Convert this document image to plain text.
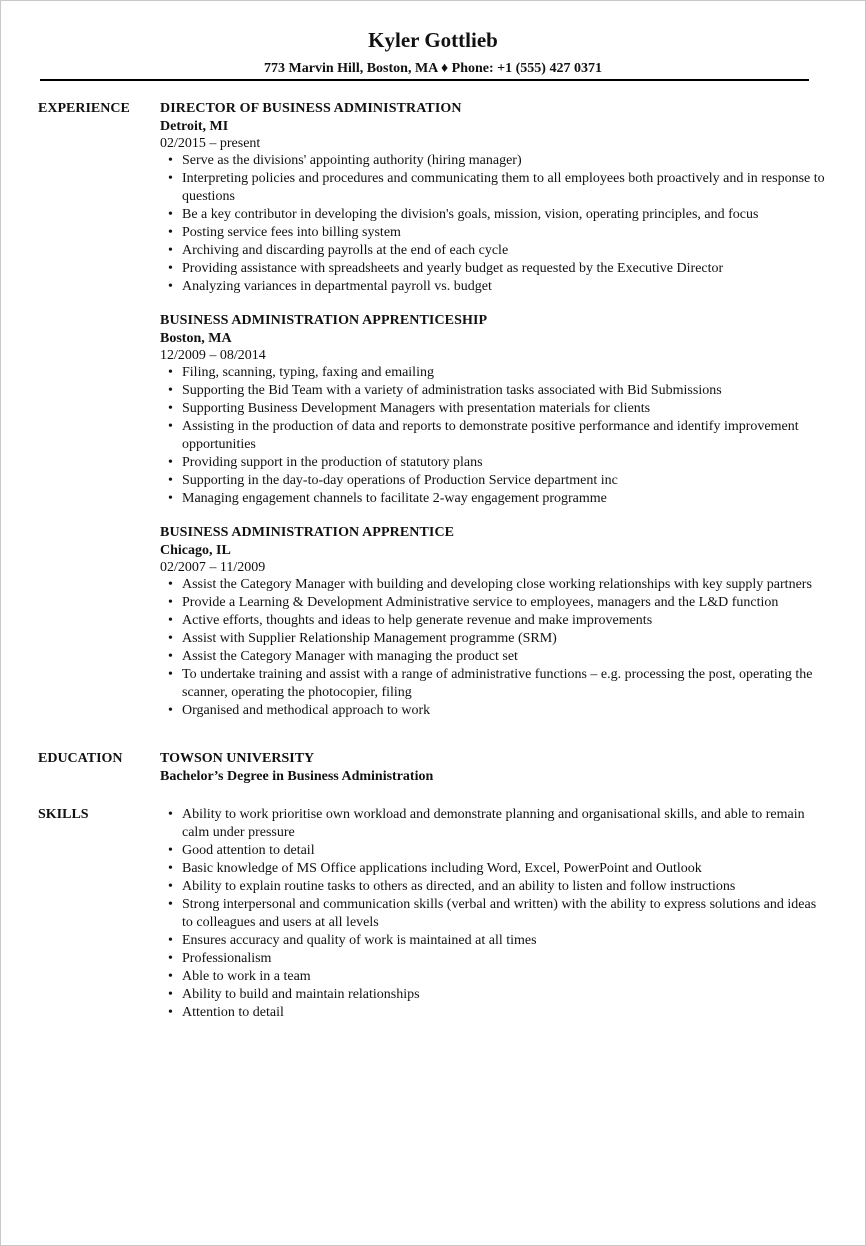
Kyler Gottlieb
773 Marvin Hill, Boston, MA ♦ Phone: +1 (555) 427 0371
EXPERIENCE	DIRECTOR OF BUSINESS ADMINISTRATION
Detroit, MI
02/2015 – present
• Serve as the divisions' appointing authority (hiring manager)
• Interpreting policies and procedures and communicating them to all employees both proactively and in response to questions
• Be a key contributor in developing the division's goals, mission, vision, operating principles, and focus
• Posting service fees into billing system
• Archiving and discarding payrolls at the end of each cycle
• Providing assistance with spreadsheets and yearly budget as requested by the Executive Director
• Analyzing variances in departmental payroll vs. budget
BUSINESS ADMINISTRATION APPRENTICESHIP
Boston, MA
12/2009 – 08/2014
• Filing, scanning, typing, faxing and emailing
• Supporting the Bid Team with a variety of administration tasks associated with Bid Submissions
• Supporting Business Development Managers with presentation materials for clients
• Assisting in the production of data and reports to demonstrate positive performance and identify improvement opportunities
• Providing support in the production of statutory plans
• Supporting in the day-to-day operations of Production Service department inc
• Managing engagement channels to facilitate 2-way engagement programme
BUSINESS ADMINISTRATION APPRENTICE
Chicago, IL
02/2007 – 11/2009
• Assist the Category Manager with building and developing close working relationships with key supply partners
• Provide a Learning & Development Administrative service to employees, managers and the L&D function
• Active efforts, thoughts and ideas to help generate revenue and make improvements
• Assist with Supplier Relationship Management programme (SRM)
• Assist the Category Manager with managing the product set
• To undertake training and assist with a range of administrative functions – e.g. processing the post, operating the scanner, operating the photocopier, filing
• Organised and methodical approach to work
EDUCATION	TOWSON UNIVERSITY
Bachelor’s Degree in Business Administration
SKILLS	• Ability to work prioritise own workload and demonstrate planning and organisational skills, and able to remain calm under pressure
• Good attention to detail
• Basic knowledge of MS Office applications including Word, Excel, PowerPoint and Outlook
• Ability to explain routine tasks to others as directed, and an ability to listen and follow instructions
• Strong interpersonal and communication skills (verbal and written) with the ability to express solutions and ideas to colleagues and users at all levels
• Ensures accuracy and quality of work is maintained at all times
• Professionalism
• Able to work in a team
• Ability to build and maintain relationships
• Attention to detail
